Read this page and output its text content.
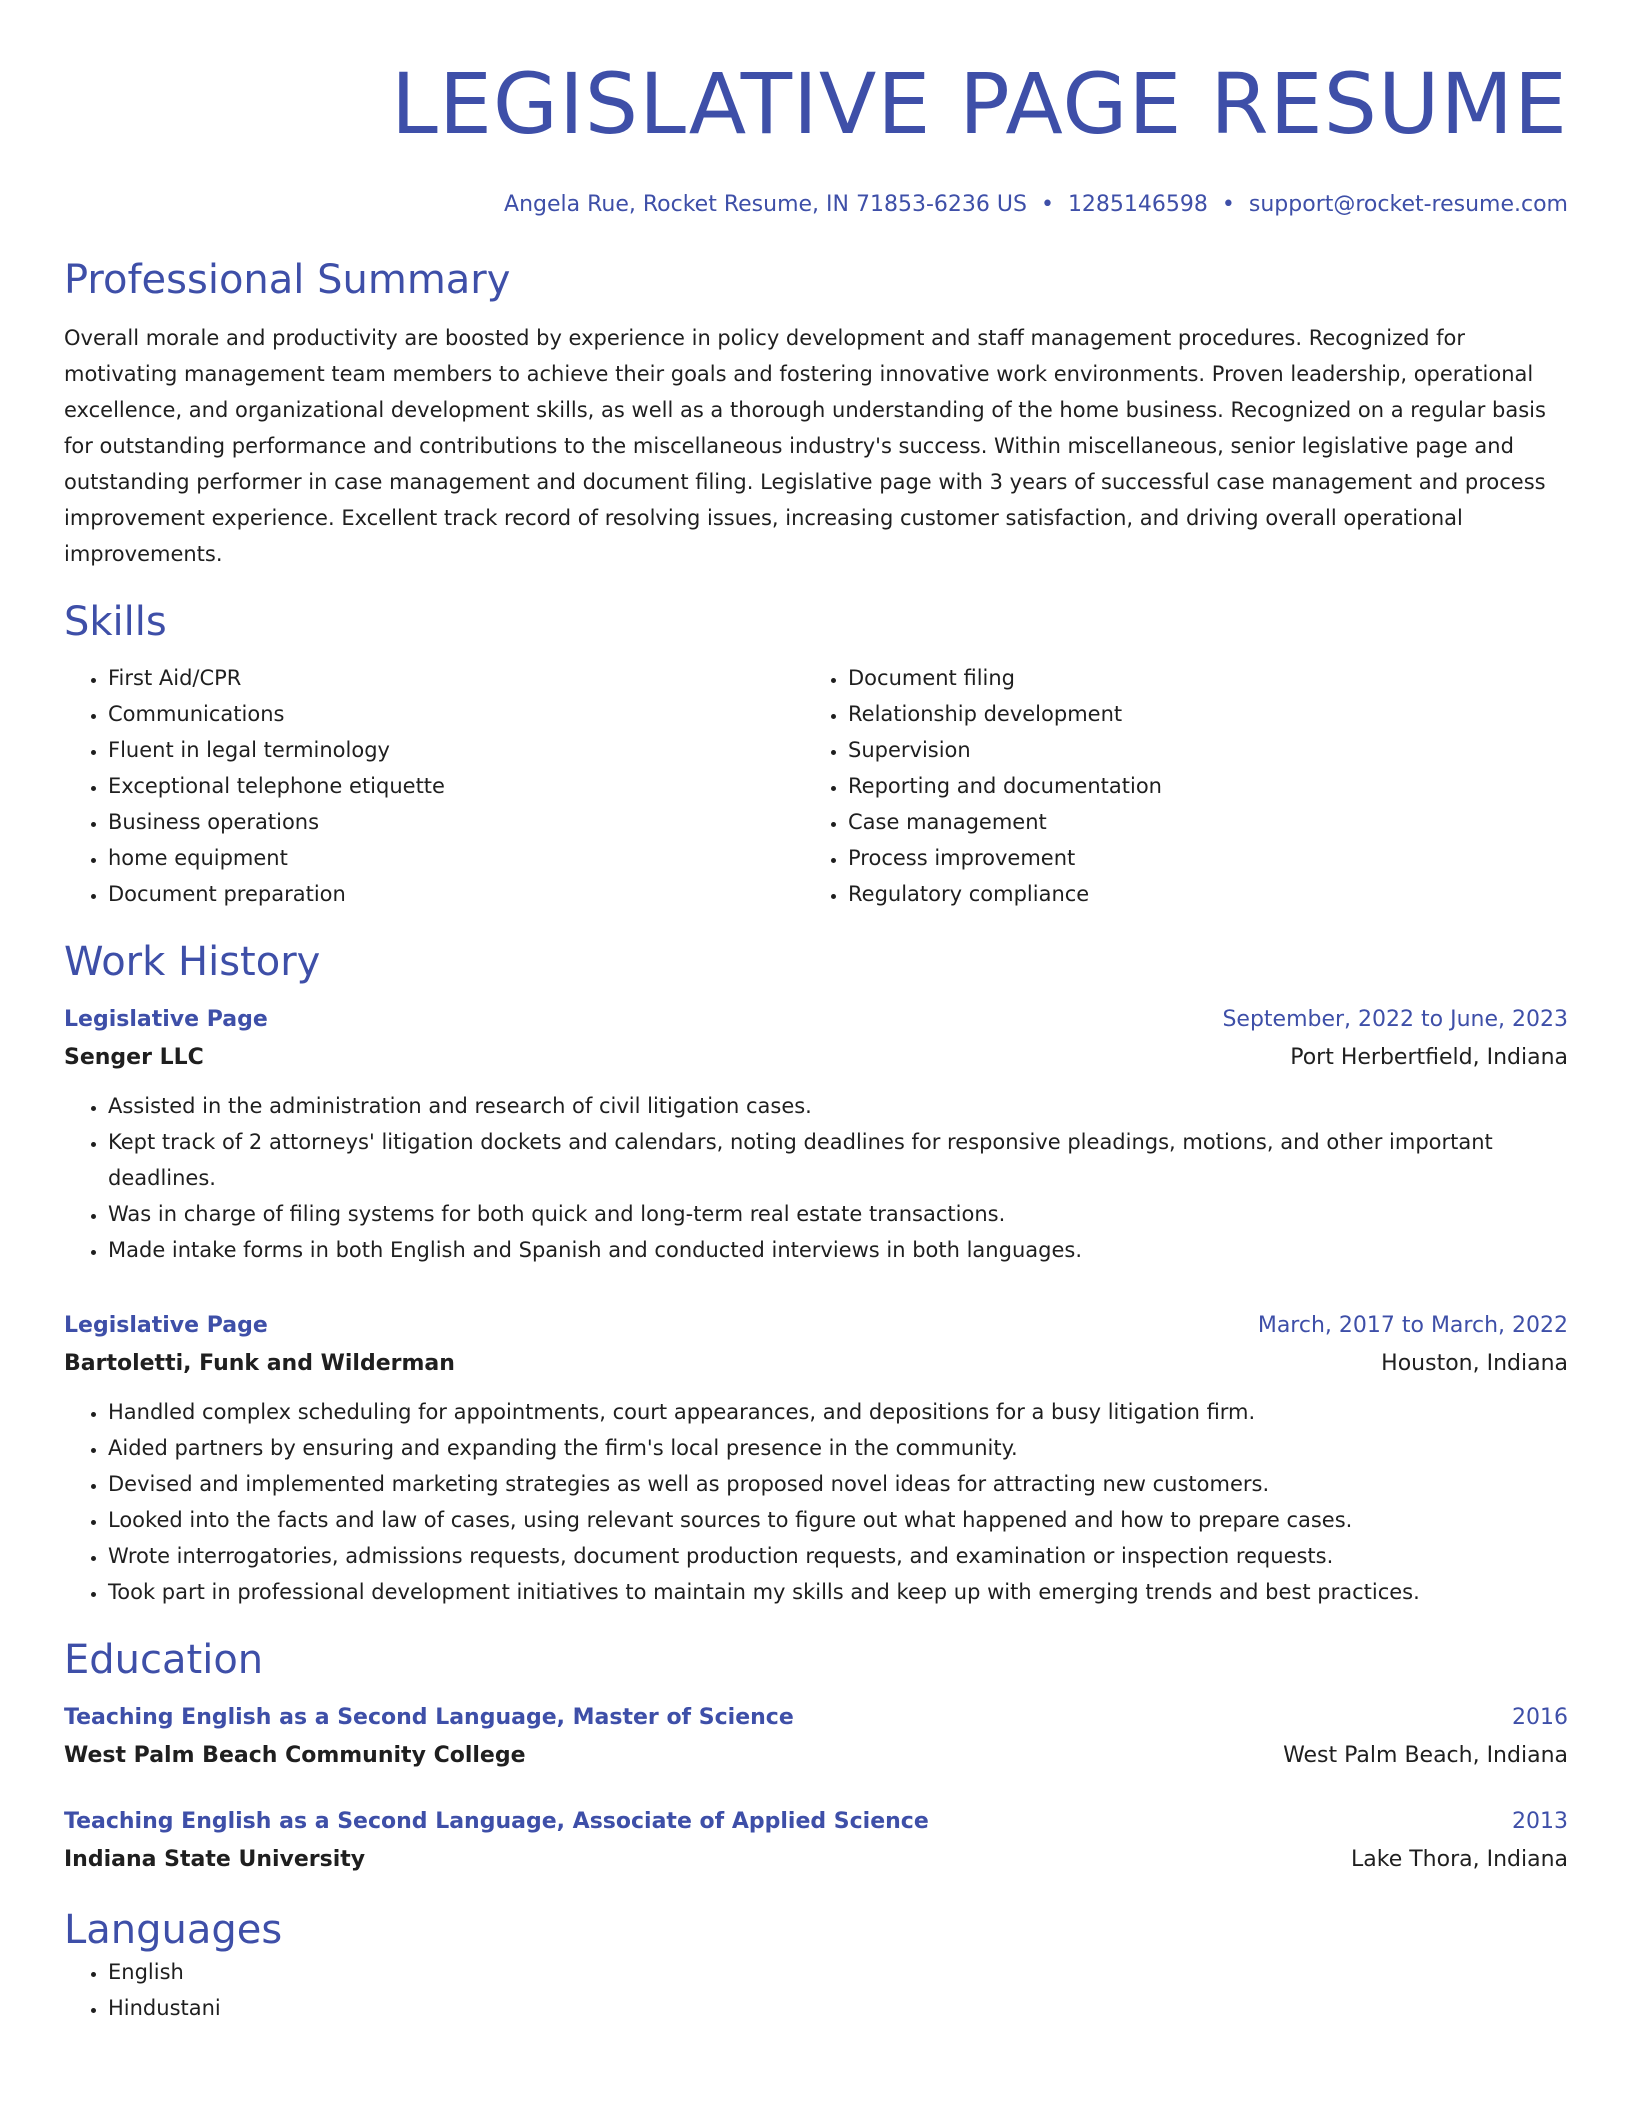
LEGISLATIVE PAGE RESUME
Angela Rue, Rocket Resume, IN 71853-6236 US • 1285146598 • support@rocket-resume.com
Professional Summary
Overall morale and productivity are boosted by experience in policy development and staff management procedures. Recognized for motivating management team members to achieve their goals and fostering innovative work environments. Proven leadership, operational excellence, and organizational development skills, as well as a thorough understanding of the home business. Recognized on a regular basis for outstanding performance and contributions to the miscellaneous industry's success. Within miscellaneous, senior legislative page and outstanding performer in case management and document filing. Legislative page with 3 years of successful case management and process improvement experience. Excellent track record of resolving issues, increasing customer satisfaction, and driving overall operational improvements.
Skills
• First Aid/CPR
• Communications
• Fluent in legal terminology
• Exceptional telephone etiquette
• Business operations
• home equipment
• Document preparation
• Document filing
• Relationship development
• Supervision
• Reporting and documentation
• Case management
• Process improvement
• Regulatory compliance
Work History
Legislative Page	September, 2022 to June, 2023
Senger LLC	Port Herbertfield, Indiana
• Assisted in the administration and research of civil litigation cases.
• Kept track of 2 attorneys' litigation dockets and calendars, noting deadlines for responsive pleadings, motions, and other important deadlines.
• Was in charge of filing systems for both quick and long-term real estate transactions.
• Made intake forms in both English and Spanish and conducted interviews in both languages.
Legislative Page	March, 2017 to March, 2022
Bartoletti, Funk and Wilderman	Houston, Indiana
• Handled complex scheduling for appointments, court appearances, and depositions for a busy litigation firm.
• Aided partners by ensuring and expanding the firm's local presence in the community.
• Devised and implemented marketing strategies as well as proposed novel ideas for attracting new customers.
• Looked into the facts and law of cases, using relevant sources to figure out what happened and how to prepare cases.
• Wrote interrogatories, admissions requests, document production requests, and examination or inspection requests.
• Took part in professional development initiatives to maintain my skills and keep up with emerging trends and best practices.
Education
Teaching English as a Second Language, Master of Science	2016
West Palm Beach Community College	West Palm Beach, Indiana
Teaching English as a Second Language, Associate of Applied Science	2013
Indiana State University	Lake Thora, Indiana
Languages
• English
• Hindustani
